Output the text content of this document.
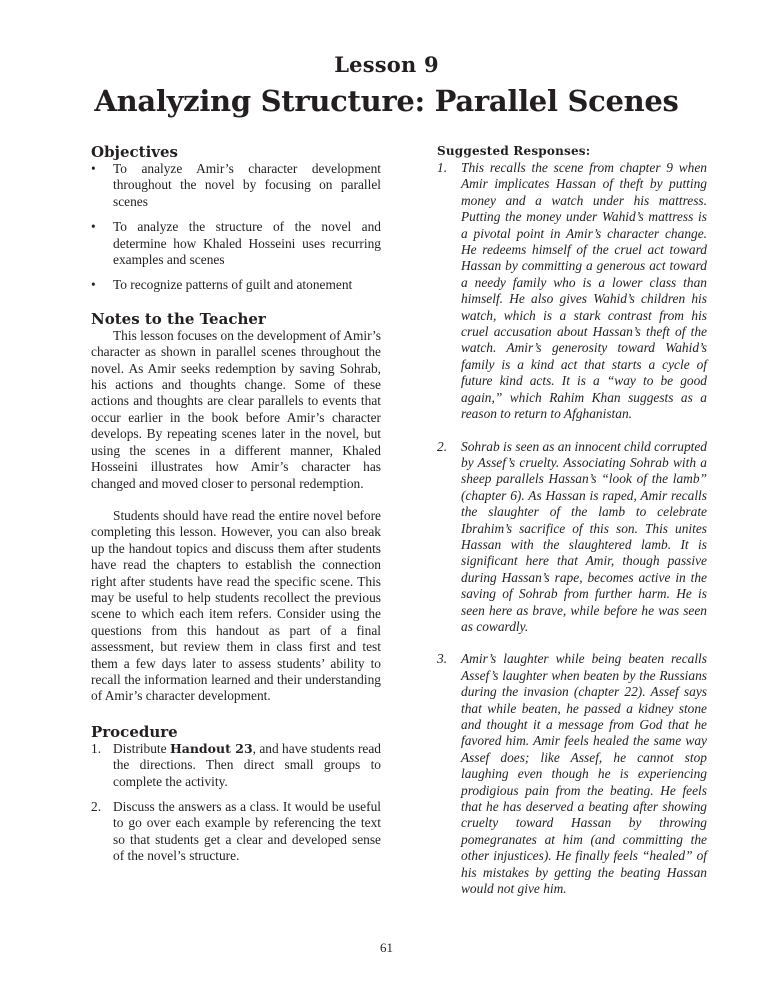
Lesson 9
Analyzing Structure: Parallel Scenes
Objectives
• To analyze Amir’s character development throughout the novel by focusing on parallel scenes
• To analyze the structure of the novel and determine how Khaled Hosseini uses recurring examples and scenes
• To recognize patterns of guilt and atonement
Notes to the Teacher

This lesson focuses on the development of Amir’s character as shown in parallel scenes throughout the novel. As Amir seeks redemption by saving Sohrab, his actions and thoughts change. Some of these actions and thoughts are clear parallels to events that occur earlier in the book before Amir’s character develops. By repeating scenes later in the novel, but using the scenes in a different manner, Khaled Hosseini illustrates how Amir’s character has changed and moved closer to personal redemption.

Students should have read the entire novel before completing this lesson. However, you can also break up the handout topics and discuss them after students have read the chapters to establish the connection right after students have read the specific scene. This may be useful to help students recollect the previous scene to which each item refers. Consider using the questions from this handout as part of a final assessment, but review them in class first and test them a few days later to assess students’ ability to recall the information learned and their understanding of Amir’s character development.

Procedure
1. Distribute Handout 23, and have students read the directions. Then direct small groups to complete the activity.
2. Discuss the answers as a class. It would be useful to go over each example by referencing the text so that students get a clear and developed sense of the novel’s structure.
Suggested Responses:
1. This recalls the scene from chapter 9 when Amir implicates Hassan of theft by putting money and a watch under his mattress. Putting the money under Wahid’s mattress is a pivotal point in Amir’s character change. He redeems himself of the cruel act toward Hassan by committing a generous act toward a needy family who is a lower class than himself. He also gives Wahid’s children his watch, which is a stark contrast from his cruel accusation about Hassan’s theft of the watch. Amir’s generosity toward Wahid’s family is a kind act that starts a cycle of future kind acts. It is a “way to be good again,” which Rahim Khan suggests as a reason to return to Afghanistan.
2. Sohrab is seen as an innocent child corrupted by Assef’s cruelty. Associating Sohrab with a sheep parallels Hassan’s “look of the lamb” (chapter 6). As Hassan is raped, Amir recalls the slaughter of the lamb to celebrate Ibrahim’s sacrifice of this son. This unites Hassan with the slaughtered lamb. It is significant here that Amir, though passive during Hassan’s rape, becomes active in the saving of Sohrab from further harm. He is seen here as brave, while before he was seen as cowardly.
3. Amir’s laughter while being beaten recalls Assef’s laughter when beaten by the Russians during the invasion (chapter 22). Assef says that while beaten, he passed a kidney stone and thought it a message from God that he favored him. Amir feels healed the same way Assef does; like Assef, he cannot stop laughing even though he is experiencing prodigious pain from the beating. He feels that he has deserved a beating after showing cruelty toward Hassan by throwing pomegranates at him (and committing the other injustices). He finally feels “healed” of his mistakes by getting the beating Hassan would not give him.
61
